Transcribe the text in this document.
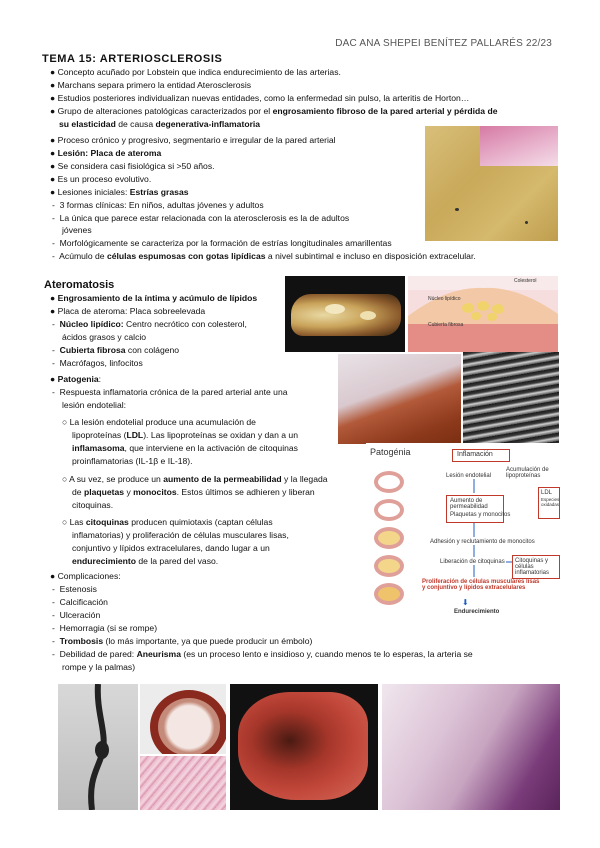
DAC ANA SHEPEI BENÍTEZ PALLARÉS 22/23
TEMA 15: ARTERIOSCLEROSIS
● Concepto acuñado por Lobstein que indica endurecimiento de las arterias.
● Marchans separa primero la entidad Aterosclerosis
● Estudios posteriores individualizan nuevas entidades, como la enfermedad sin pulso, la arteritis de Horton…
● Grupo de alteraciones patológicas caracterizados por el engrosamiento fibroso de la pared arterial y pérdida de
su elasticidad de causa degenerativa-inflamatoria
● Proceso crónico y progresivo, segmentario e irregular de la pared arterial
● Lesión: Placa de ateroma
● Se considera casi fisiológica si >50 años.
● Es un proceso evolutivo.
● Lesiones iniciales: Estrías grasas
-  3 formas clínicas: En niños, adultas jóvenes y adultos
-  La única que parece estar relacionada con la aterosclerosis es la de adultos
jóvenes
-  Morfológicamente se caracteriza por la formación de estrías longitudinales amarillentas
-  Acúmulo de células espumosas con gotas lipídicas a nivel subintimal e incluso en disposición extracelular.
Ateromatosis
● Engrosamiento de la íntima y acúmulo de lípidos
● Placa de ateroma: Placa sobreelevada
-  Núcleo lipídico: Centro necrótico con colesterol,
ácidos grasos y calcio
-  Cubierta fibrosa con colágeno
-  Macrófagos, linfocitos
● Patogenia:
-  Respuesta inflamatoria crónica de la pared arterial ante una
lesión endotelial:
○ La lesión endotelial produce una acumulación de
lipoproteínas (LDL). Las lipoproteínas se oxidan y dan a un
inflamasoma, que interviene en la activación de citoquinas
proinflamatorias (IL-1β e IL-18).
○ A su vez, se produce un aumento de la permeabilidad y la llegada
de plaquetas y monocitos. Estos últimos se adhieren y liberan
citoquinas.
○ Las citoquinas producen quimiotaxis (captan células
inflamatorias) y proliferación de células musculares lisas,
conjuntivo y lípidos extracelulares, dando lugar a un
endurecimiento de la pared del vaso.
● Complicaciones:
-  Estenosis
-  Calcificación
-  Ulceración
-  Hemorragia (si se rompe)
-  Trombosis (lo más importante, ya que puede producir un émbolo)
-  Debilidad de pared: Aneurisma (es un proceso lento e insidioso y, cuando menos te lo esperas, la arteria se
rompe y la palmas)
Colesterol
Núcleo lipídico
Cubierta fibrosa
Patogénia	Inflamación
Lesión endotelial
Acumulación de lipoproteínas
LDL
Especies oxidadas
Aumento de permeabilidad
Plaquetas y monocitos
Adhesión y reclutamiento de monocitos
Liberación de citoquinas Citoquinas y células inflamatorias
Proliferación de células musculares lisas y conjuntivo y lípidos extracelulares
⬇
Endurecimiento
